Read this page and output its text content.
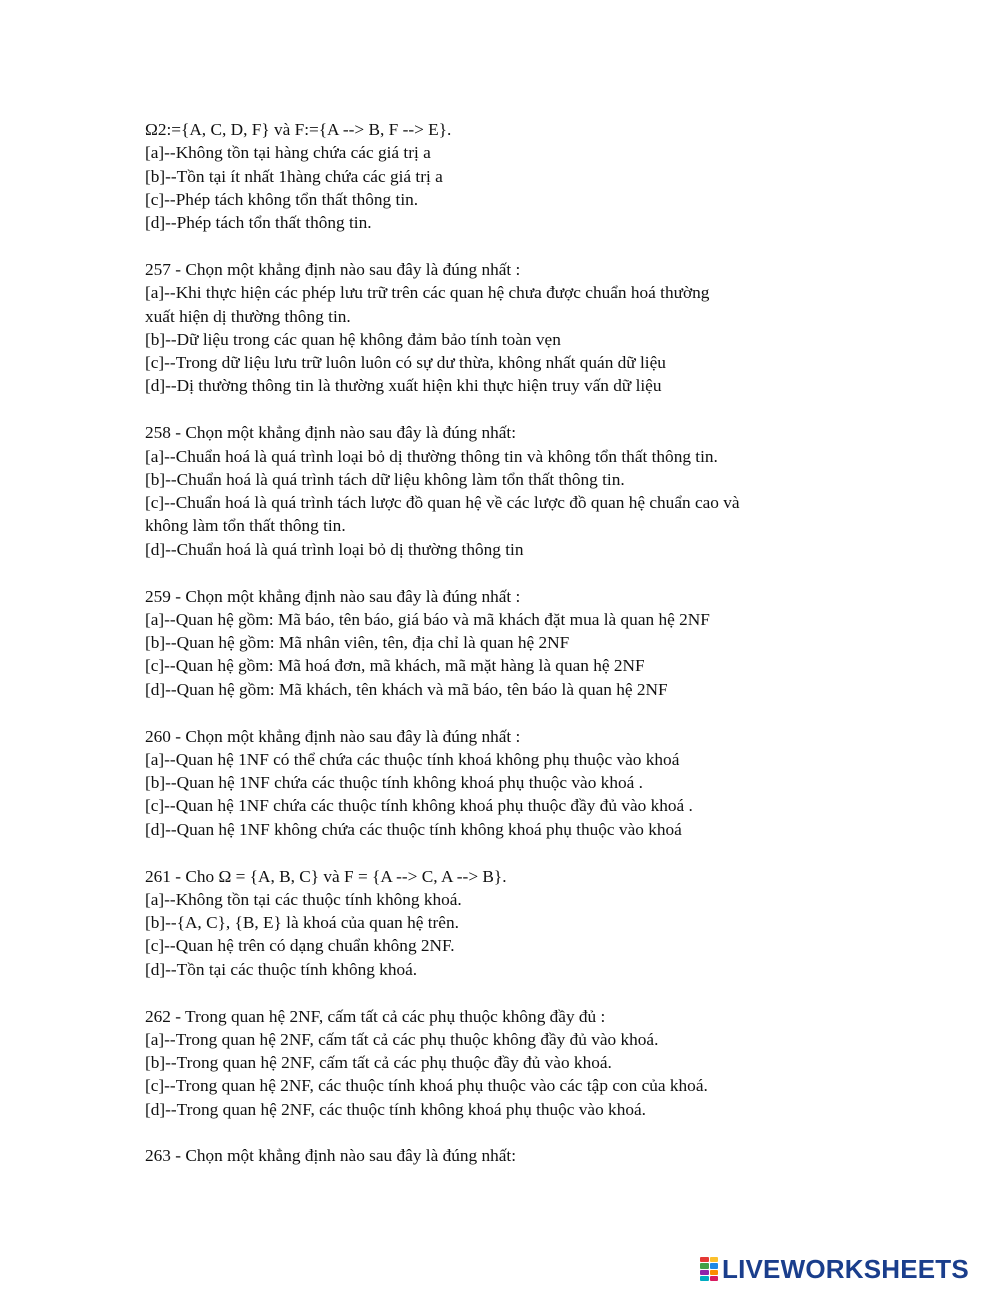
Ω2:={A, C, D, F} và F:={A --> B, F --> E}.
[a]--Không tồn tại hàng chứa các giá trị a
[b]--Tồn tại ít nhất 1hàng chứa các giá trị a
[c]--Phép tách không tổn thất thông tin.
[d]--Phép tách tổn thất thông tin.
257 - Chọn một khẳng định nào sau đây là đúng nhất :
[a]--Khi thực hiện các phép lưu trữ trên các quan hệ chưa được chuẩn hoá thường
xuất hiện dị thường thông tin.
[b]--Dữ liệu trong các quan hệ không đảm bảo tính toàn vẹn
[c]--Trong dữ liệu lưu trữ luôn luôn có sự dư thừa, không nhất quán dữ liệu
[d]--Dị thường thông tin là thường xuất hiện khi thực hiện truy vấn dữ liệu
258 - Chọn một khẳng định nào sau đây là đúng nhất:
[a]--Chuẩn hoá là quá trình loại bỏ dị thường thông tin và không tổn thất thông tin.
[b]--Chuẩn hoá là quá trình tách dữ liệu không làm tổn thất thông tin.
[c]--Chuẩn hoá là quá trình tách lược đồ quan hệ về các lược đồ quan hệ chuẩn cao và
không làm tổn thất thông tin.
[d]--Chuẩn hoá là quá trình loại bỏ dị thường thông tin
259 - Chọn một khẳng định nào sau đây là đúng nhất :
[a]--Quan hệ gồm: Mã báo, tên báo, giá báo và mã khách đặt mua là quan hệ 2NF
[b]--Quan hệ gồm: Mã nhân viên, tên, địa chỉ là quan hệ 2NF
[c]--Quan hệ gồm: Mã hoá đơn, mã khách, mã mặt hàng là quan hệ 2NF
[d]--Quan hệ gồm: Mã khách, tên khách và mã báo, tên báo là quan hệ 2NF
260 - Chọn một khẳng định nào sau đây là đúng nhất :
[a]--Quan hệ 1NF có thể chứa các thuộc tính khoá không phụ thuộc vào khoá
[b]--Quan hệ 1NF chứa các thuộc tính không khoá phụ thuộc vào khoá .
[c]--Quan hệ 1NF chứa các thuộc tính không khoá phụ thuộc đầy đủ vào khoá .
[d]--Quan hệ 1NF không chứa các thuộc tính không khoá phụ thuộc vào khoá
261 - Cho Ω = {A, B, C} và F = {A --> C, A --> B}.
[a]--Không tồn tại các thuộc tính không khoá.
[b]--{A, C}, {B, E} là khoá của quan hệ trên.
[c]--Quan hệ trên có dạng chuẩn không 2NF.
[d]--Tồn tại các thuộc tính không khoá.
262 - Trong quan hệ 2NF, cấm tất cả các phụ thuộc không đầy đủ :
[a]--Trong quan hệ 2NF, cấm tất cả các phụ thuộc không đầy đủ vào khoá.
[b]--Trong quan hệ 2NF, cấm tất cả các phụ thuộc đầy đủ vào khoá.
[c]--Trong quan hệ 2NF, các thuộc tính khoá phụ thuộc vào các tập con của khoá.
[d]--Trong quan hệ 2NF, các thuộc tính không khoá phụ thuộc vào khoá.
263 - Chọn một khẳng định nào sau đây là đúng nhất:
LIVEWORKSHEETS
